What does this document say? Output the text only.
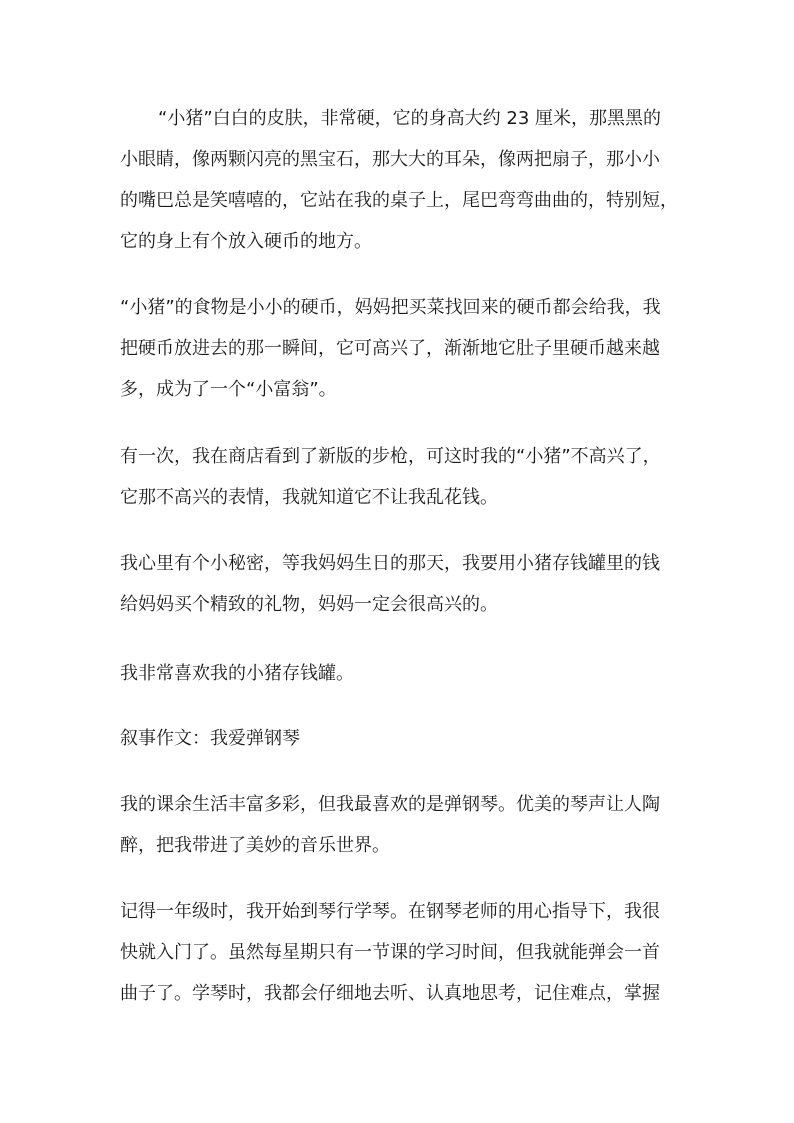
“小猪”白白的皮肤，非常硬，它的身高大约 23 厘米，那黑黑的
小眼睛，像两颗闪亮的黑宝石，那大大的耳朵，像两把扇子，那小小
的嘴巴总是笑嘻嘻的，它站在我的桌子上，尾巴弯弯曲曲的，特别短，
它的身上有个放入硬币的地方。

“小猪”的食物是小小的硬币，妈妈把买菜找回来的硬币都会给我，我
把硬币放进去的那一瞬间，它可高兴了，渐渐地它肚子里硬币越来越
多，成为了一个“小富翁”。

有一次，我在商店看到了新版的步枪，可这时我的“小猪”不高兴了，
它那不高兴的表情，我就知道它不让我乱花钱。

我心里有个小秘密，等我妈妈生日的那天，我要用小猪存钱罐里的钱
给妈妈买个精致的礼物，妈妈一定会很高兴的。

我非常喜欢我的小猪存钱罐。

叙事作文：我爱弹钢琴

我的课余生活丰富多彩，但我最喜欢的是弹钢琴。优美的琴声让人陶
醉，把我带进了美妙的音乐世界。

记得一年级时，我开始到琴行学琴。在钢琴老师的用心指导下，我很
快就入门了。虽然每星期只有一节课的学习时间，但我就能弹会一首
曲子了。学琴时，我都会仔细地去听、认真地思考，记住难点，掌握
